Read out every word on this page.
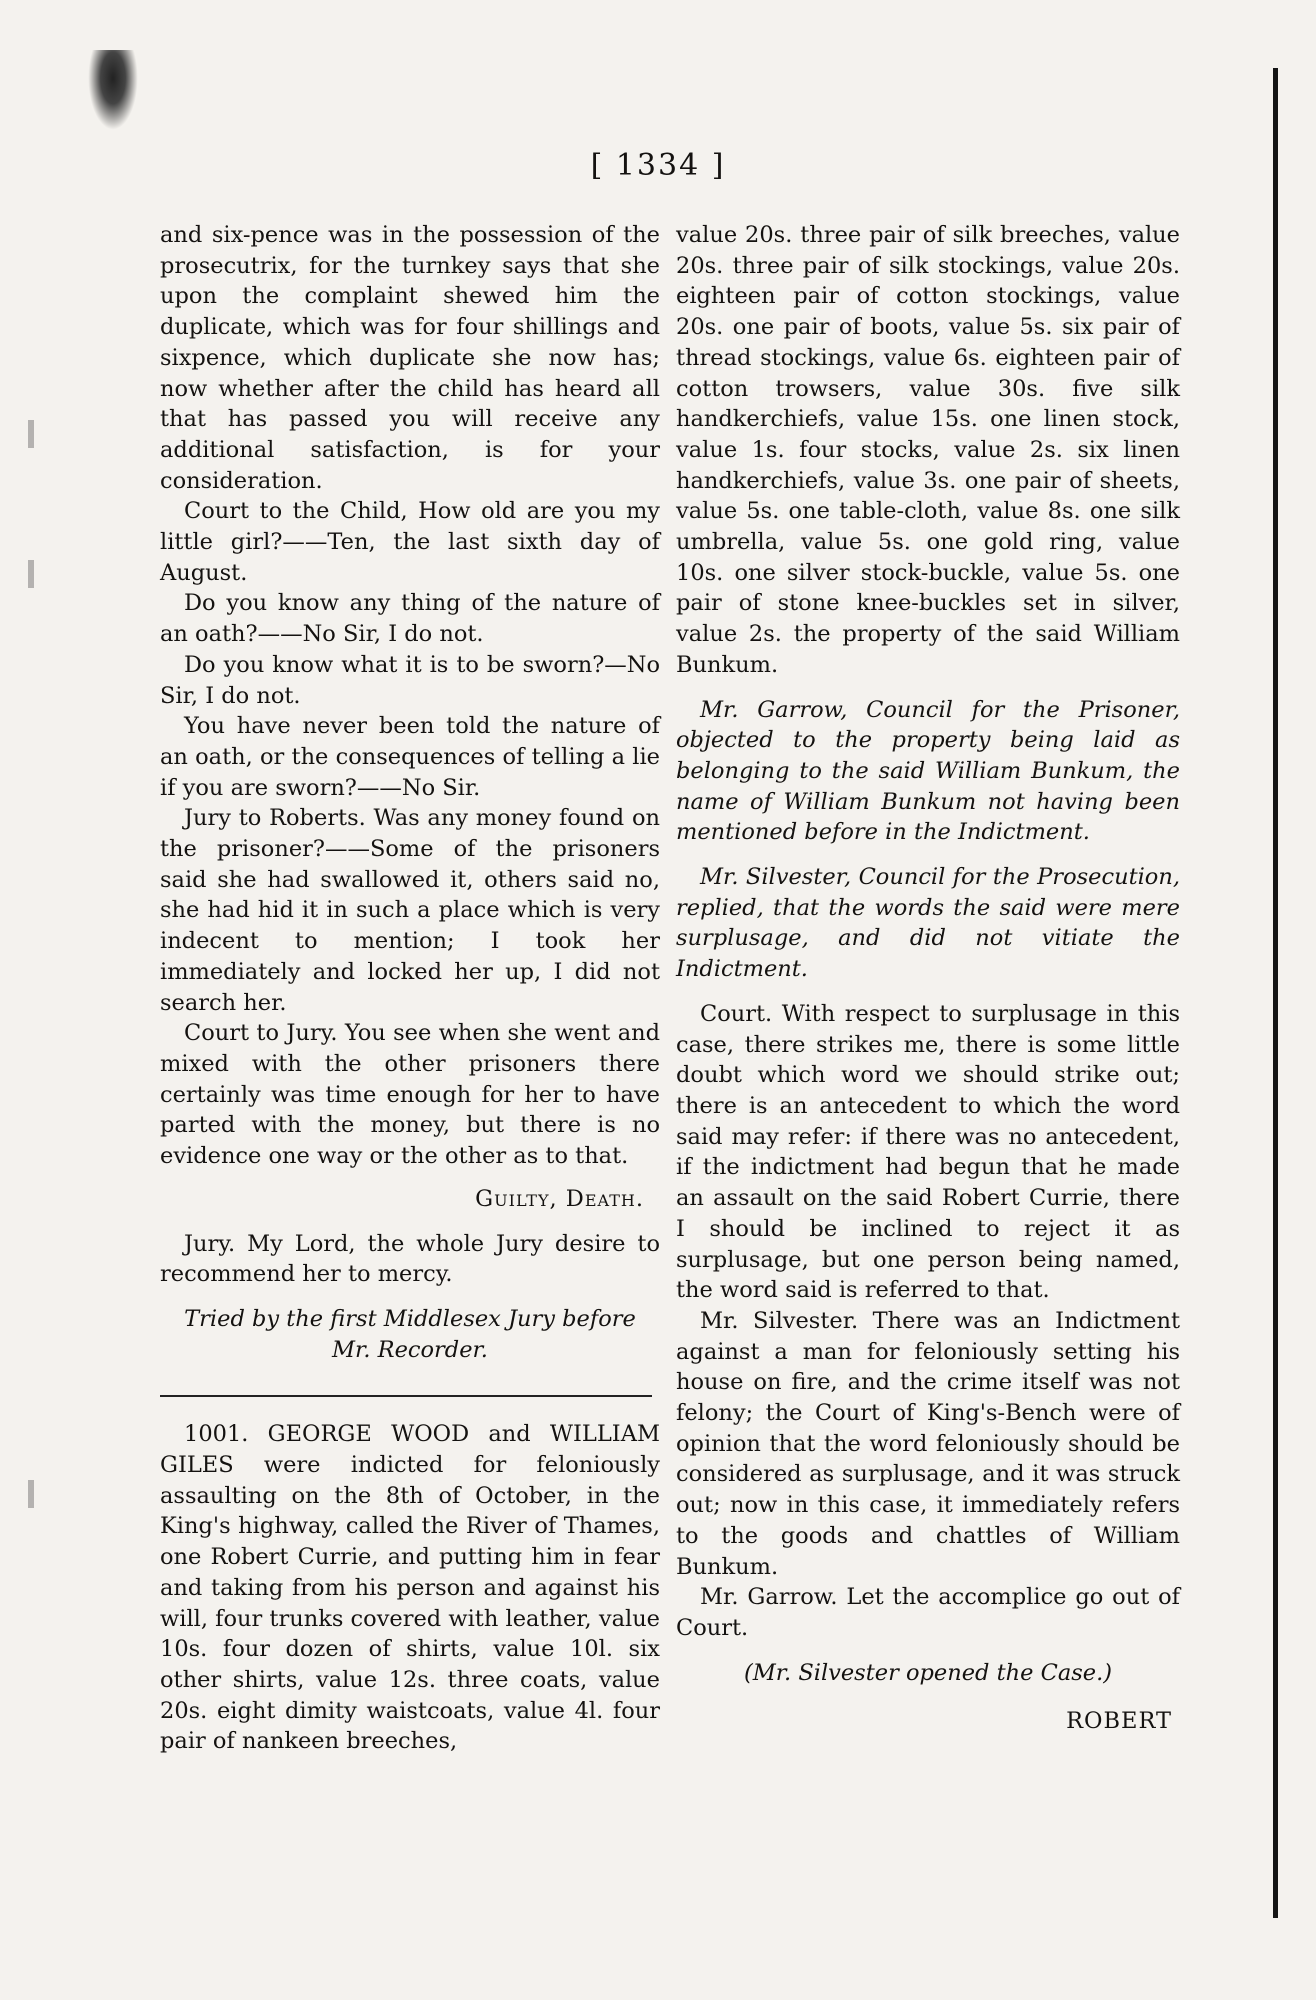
[ 1334 ]

and six-pence was in the possession of the prosecutrix, for the turnkey says that she upon the complaint shewed him the duplicate, which was for four shillings and sixpence, which duplicate she now has; now whether after the child has heard all that has passed you will receive any additional satisfaction, is for your consideration.

Court to the Child, How old are you my little girl?——Ten, the last sixth day of August.

Do you know any thing of the nature of an oath?——No Sir, I do not.

Do you know what it is to be sworn?—No Sir, I do not.

You have never been told the nature of an oath, or the consequences of telling a lie if you are sworn?——No Sir.

Jury to Roberts. Was any money found on the prisoner?——Some of the prisoners said she had swallowed it, others said no, she had hid it in such a place which is very indecent to mention; I took her immediately and locked her up, I did not search her.

Court to Jury. You see when she went and mixed with the other prisoners there certainly was time enough for her to have parted with the money, but there is no evidence one way or the other as to that.

Guilty, Death.

Jury. My Lord, the whole Jury desire to recommend her to mercy.

Tried by the first Middlesex Jury before

Mr. Recorder.

1001. GEORGE WOOD and WILLIAM GILES were indicted for feloniously assaulting on the 8th of October, in the King's highway, called the River of Thames, one Robert Currie, and putting him in fear and taking from his person and against his will, four trunks covered with leather, value 10s. four dozen of shirts, value 10l. six other shirts, value 12s. three coats, value 20s. eight dimity waistcoats, value 4l. four pair of nankeen breeches,

value 20s. three pair of silk breeches, value 20s. three pair of silk stockings, value 20s. eighteen pair of cotton stockings, value 20s. one pair of boots, value 5s. six pair of thread stockings, value 6s. eighteen pair of cotton trowsers, value 30s. five silk handkerchiefs, value 15s. one linen stock, value 1s. four stocks, value 2s. six linen handkerchiefs, value 3s. one pair of sheets, value 5s. one table-cloth, value 8s. one silk umbrella, value 5s. one gold ring, value 10s. one silver stock-buckle, value 5s. one pair of stone knee-buckles set in silver, value 2s. the property of the said William Bunkum.

Mr. Garrow, Council for the Prisoner, objected to the property being laid as belonging to the said William Bunkum, the name of William Bunkum not having been mentioned before in the Indictment.

Mr. Silvester, Council for the Prosecution, replied, that the words the said were mere surplusage, and did not vitiate the Indictment.

Court. With respect to surplusage in this case, there strikes me, there is some little doubt which word we should strike out; there is an antecedent to which the word said may refer: if there was no antecedent, if the indictment had begun that he made an assault on the said Robert Currie, there I should be inclined to reject it as surplusage, but one person being named, the word said is referred to that.

Mr. Silvester. There was an Indictment against a man for feloniously setting his house on fire, and the crime itself was not felony; the Court of King's-Bench were of opinion that the word feloniously should be considered as surplusage, and it was struck out; now in this case, it immediately refers to the goods and chattles of William Bunkum.

Mr. Garrow. Let the accomplice go out of Court.

(Mr. Silvester opened the Case.)

ROBERT
